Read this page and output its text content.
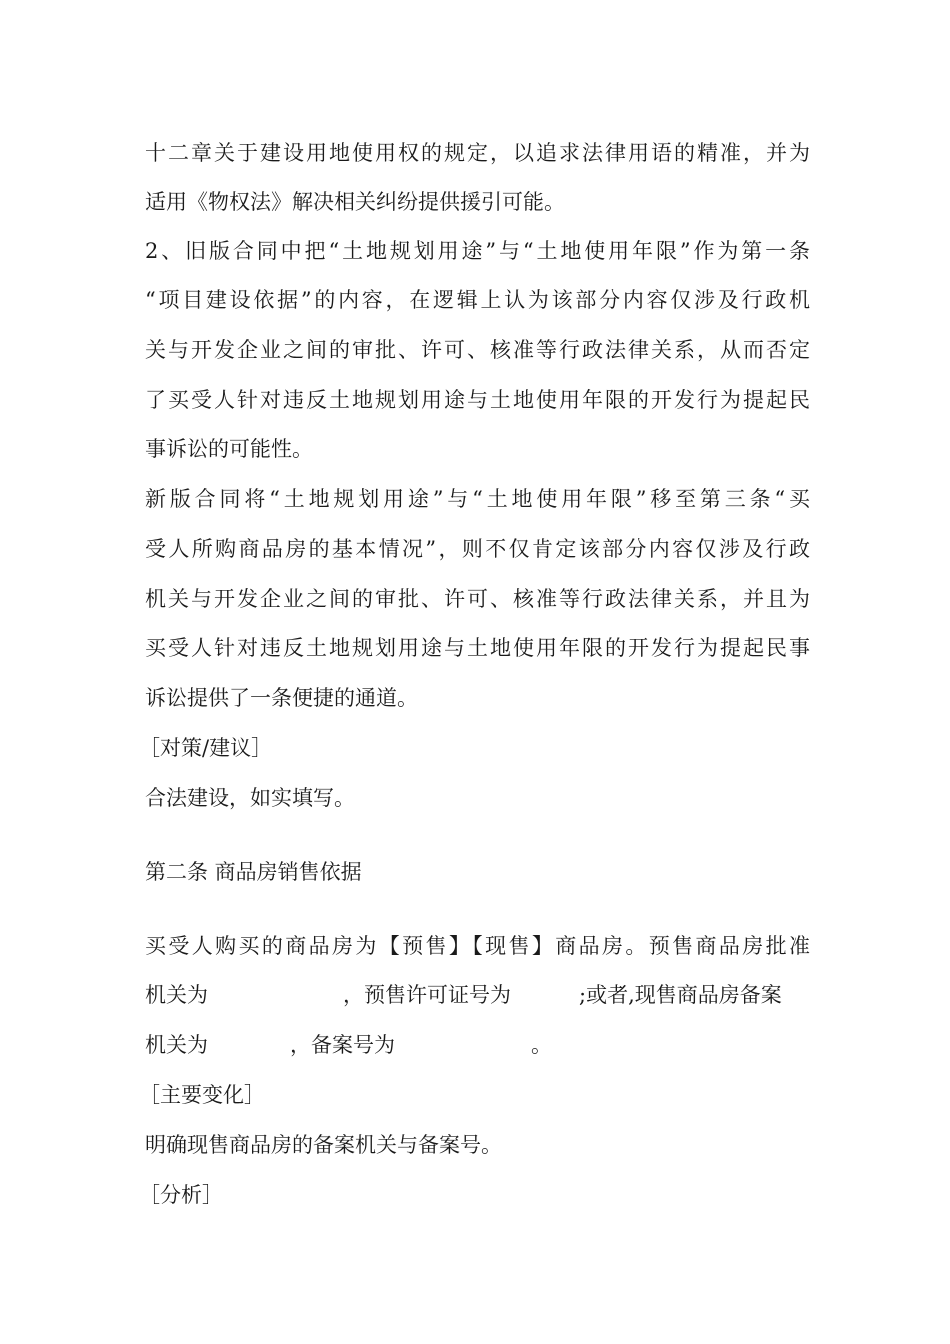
十二章关于建设用地使用权的规定，以追求法律用语的精准，并为
适用《物权法》解决相关纠纷提供援引可能。
2、旧版合同中把“土地规划用途”与“土地使用年限”作为第一条
“项目建设依据”的内容，在逻辑上认为该部分内容仅涉及行政机
关与开发企业之间的审批、许可、核准等行政法律关系，从而否定
了买受人针对违反土地规划用途与土地使用年限的开发行为提起民
事诉讼的可能性。
新版合同将“土地规划用途”与“土地使用年限”移至第三条“买
受人所购商品房的基本情况”，则不仅肯定该部分内容仅涉及行政
机关与开发企业之间的审批、许可、核准等行政法律关系，并且为
买受人针对违反土地规划用途与土地使用年限的开发行为提起民事
诉讼提供了一条便捷的通道。
［对策/建议］
合法建设，如实填写。
第二条 商品房销售依据
买受人购买的商品房为【预售】【现售】商品房。预售商品房批准
机关为	，预售许可证号为	;或者,现售商品房备案
机关为	，备案号为	。
［主要变化］
明确现售商品房的备案机关与备案号。
［分析］
